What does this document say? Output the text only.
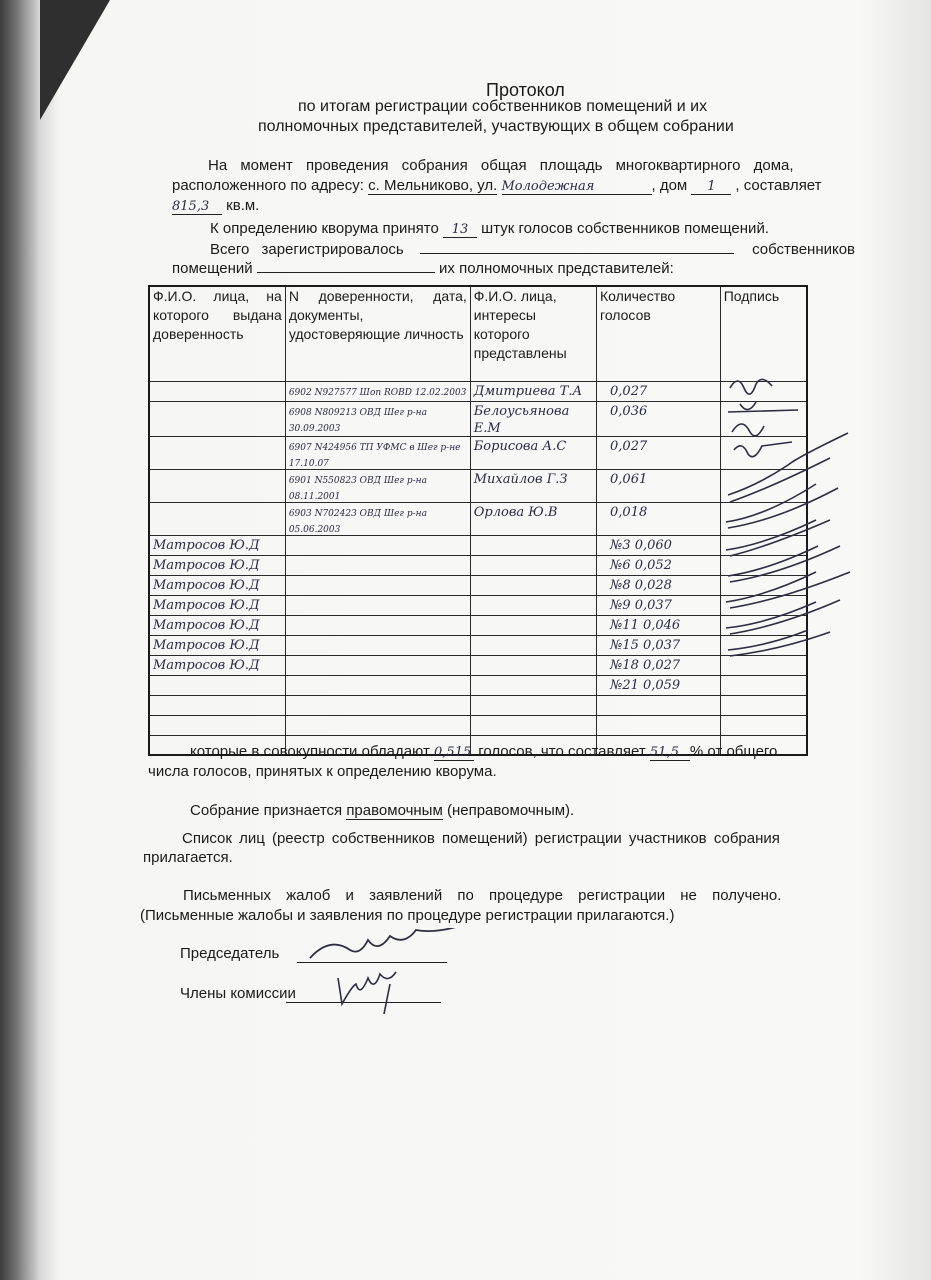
Протокол
по итогам регистрации собственников помещений и их
полномочных представителей, участвующих в общем собрании
На момент проведения собрания общая площадь многоквартирного дома,
расположенного по адресу: с. Мельниково, ул. Молодежная	, дом 1 , составляет
815,3 кв.м.
К определению кворума принято 13 штук голосов собственников помещений.
Всего зарегистрировалось	собственников
помещений	их полномочных представителей:
Ф.И.О. лица, на которого выдана доверенность	N доверенности, дата, документы, удостоверяющие личность	Ф.И.О. лица, интересы которого представлены	Количество голосов	Подпись

	6902 N927577 Шоп ROBD 12.02.2003	Дмитриева Т.А	0,027	
	6908 N809213 ОВД Шег р-на 30.09.2003	Белоусьянова Е.М	0,036	
	6907 N424956 ТП УФМС в Шег р-не 17.10.07	Борисова А.С	0,027	
	6901 N550823 ОВД Шег р-на 08.11.2001	Михайлов Г.З	0,061	
	6903 N702423 ОВД Шег р-на 05.06.2003	Орлова Ю.В	0,018	
Матросов Ю.Д			№3 0,060	
Матросов Ю.Д			№6 0,052	
Матросов Ю.Д			№8 0,028	
Матросов Ю.Д			№9 0,037	
Матросов Ю.Д			№11 0,046	
Матросов Ю.Д			№15 0,037	
Матросов Ю.Д			№18 0,027	
			№21 0,059	

которые в совокупности обладают 0,515 голосов, что составляет 51,5 % от общего
числа голосов, принятых к определению кворума.
Собрание признается правомочным (неправомочным).
Список лиц (реестр собственников помещений) регистрации участников собрания
прилагается.
Письменных жалоб и заявлений по процедуре регистрации не получено.
(Письменные жалобы и заявления по процедуре регистрации прилагаются.)
Председатель
Члены комиссии
